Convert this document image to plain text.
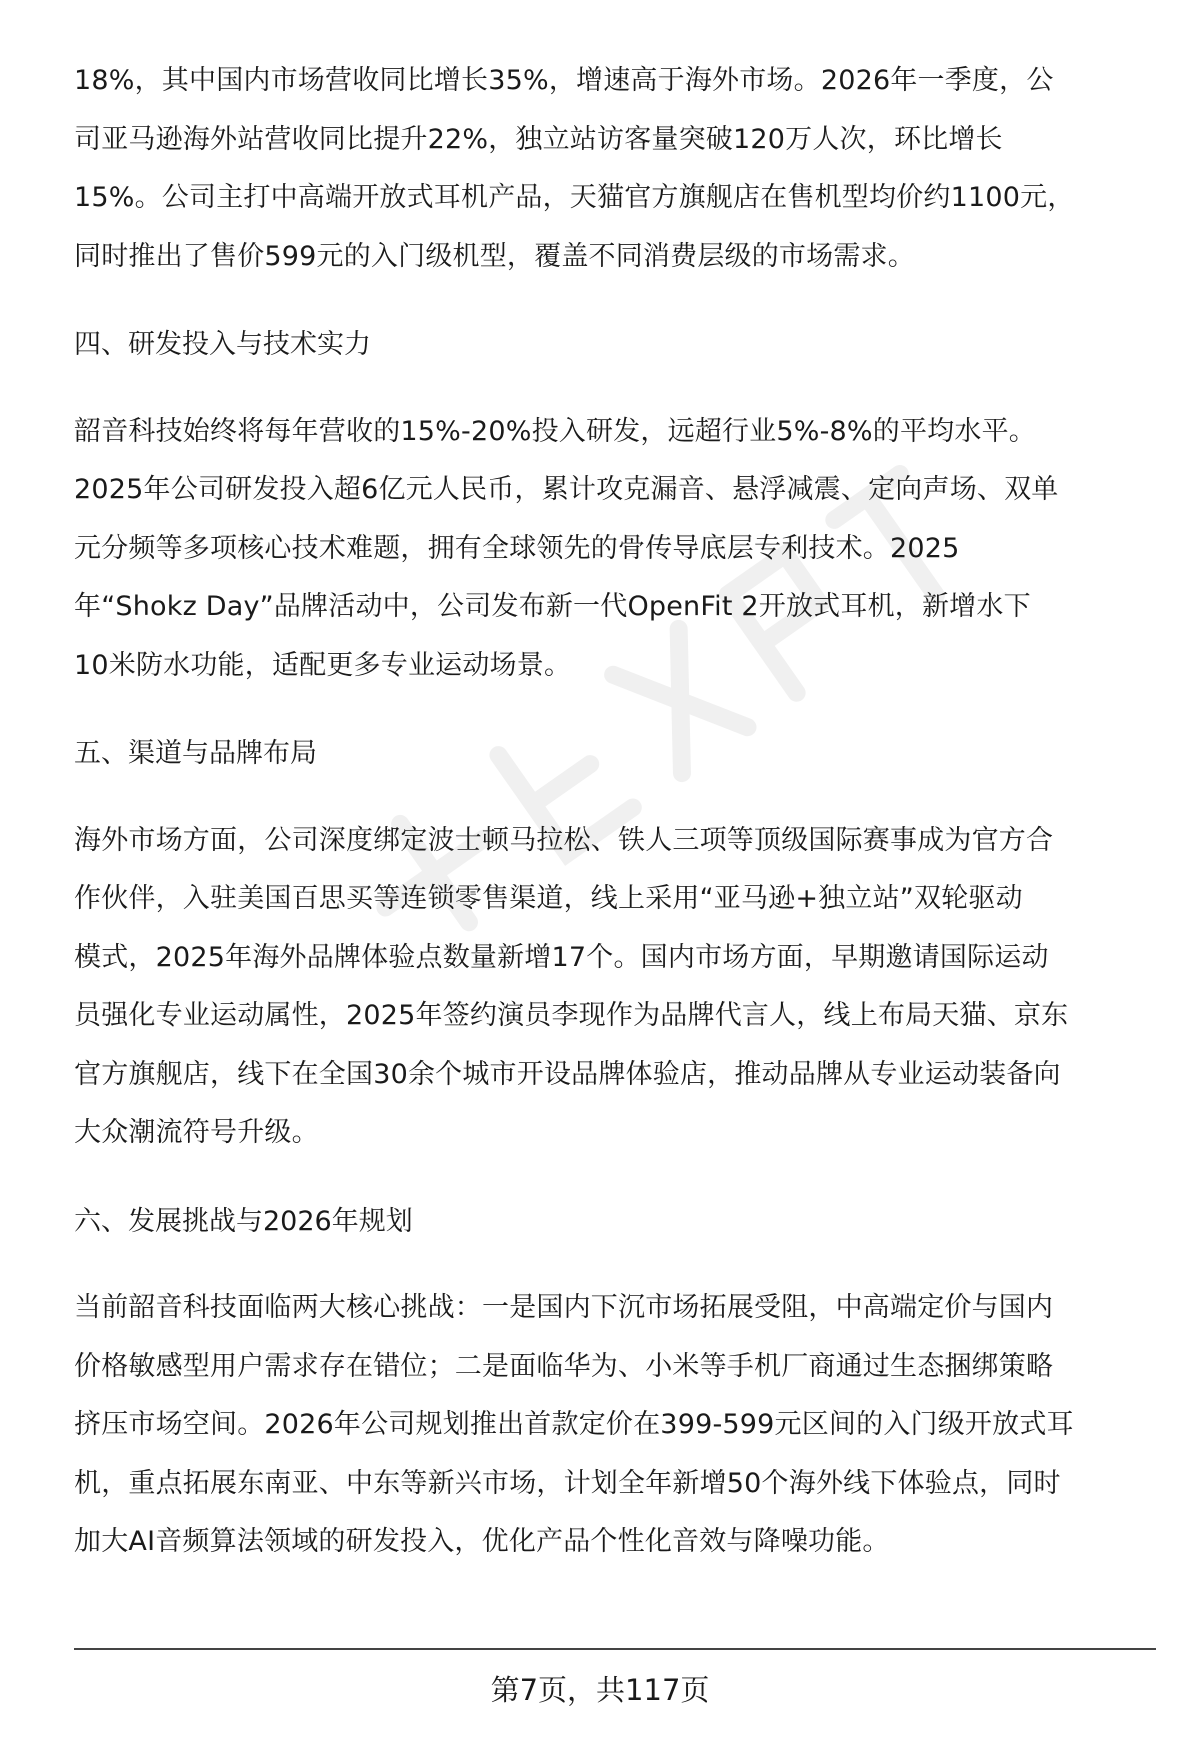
18%，其中国内市场营收同比增长35%，增速高于海外市场。2026年一季度，公
司亚马逊海外站营收同比提升22%，独立站访客量突破120万人次，环比增长
15%。公司主打中高端开放式耳机产品，天猫官方旗舰店在售机型均价约1100元，
同时推出了售价599元的入门级机型，覆盖不同消费层级的市场需求。

四、研发投入与技术实力

韶音科技始终将每年营收的15%-20%投入研发，远超行业5%-8%的平均水平。
2025年公司研发投入超6亿元人民币，累计攻克漏音、悬浮减震、定向声场、双单
元分频等多项核心技术难题，拥有全球领先的骨传导底层专利技术。2025
年“Shokz Day”品牌活动中，公司发布新一代OpenFit 2开放式耳机，新增水下
10米防水功能，适配更多专业运动场景。

五、渠道与品牌布局

海外市场方面，公司深度绑定波士顿马拉松、铁人三项等顶级国际赛事成为官方合
作伙伴，入驻美国百思买等连锁零售渠道，线上采用“亚马逊+独立站”双轮驱动
模式，2025年海外品牌体验点数量新增17个。国内市场方面，早期邀请国际运动
员强化专业运动属性，2025年签约演员李现作为品牌代言人，线上布局天猫、京东
官方旗舰店，线下在全国30余个城市开设品牌体验店，推动品牌从专业运动装备向
大众潮流符号升级。

六、发展挑战与2026年规划

当前韶音科技面临两大核心挑战：一是国内下沉市场拓展受阻，中高端定价与国内
价格敏感型用户需求存在错位；二是面临华为、小米等手机厂商通过生态捆绑策略
挤压市场空间。2026年公司规划推出首款定价在399-599元区间的入门级开放式耳
机，重点拓展东南亚、中东等新兴市场，计划全年新增50个海外线下体验点，同时
加大AI音频算法领域的研发投入，优化产品个性化音效与降噪功能。

第7页，共117页
